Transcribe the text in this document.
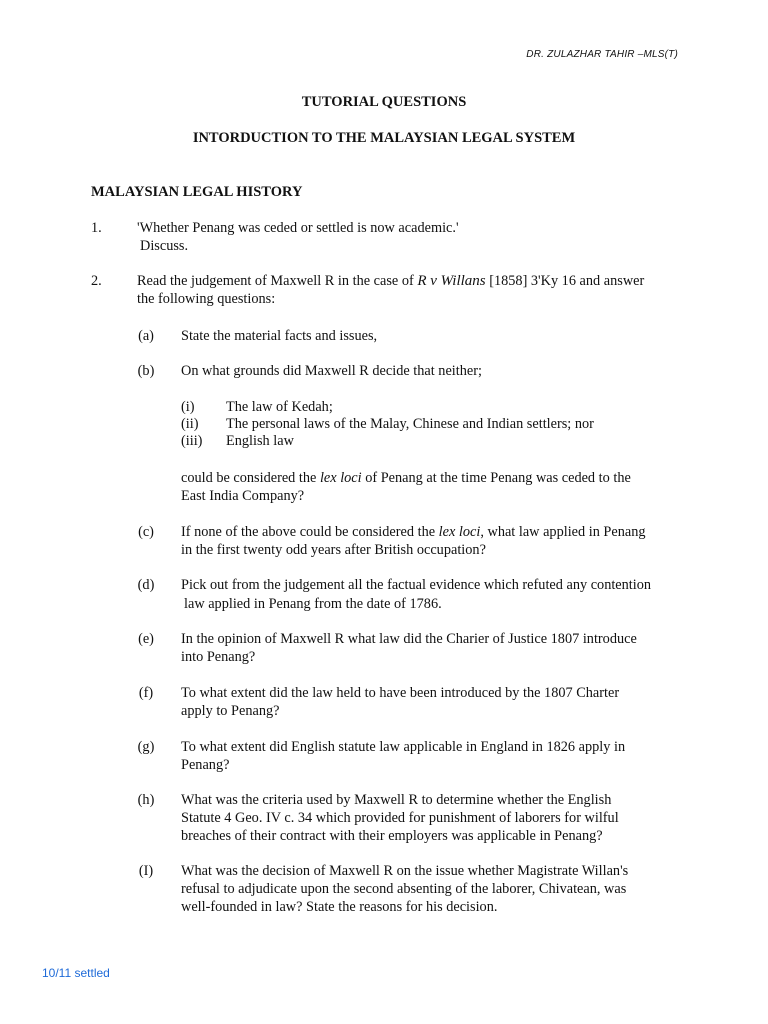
DR. ZULAZHAR TAHIR –MLS(T)
TUTORIAL QUESTIONS
INTORDUCTION TO THE MALAYSIAN LEGAL SYSTEM
MALAYSIAN LEGAL HISTORY
1. 'Whether Penang was ceded or settled is now academic.'
Discuss.
2. Read the judgement of Maxwell R in the case of R v Willans [1858] 3'Ky 16 and answer
the following questions:
(a)	State the material facts and issues,
(b)	On what grounds did Maxwell R decide that neither;
(i) The law of Kedah;
(ii) The personal laws of the Malay, Chinese and Indian settlers; nor
(iii) English law
could be considered the lex loci of Penang at the time Penang was ceded to the
East India Company?
(c)	If none of the above could be considered the lex loci, what law applied in Penang
in the first twenty odd years after British occupation?
(d)	Pick out from the judgement all the factual evidence which refuted any contention
law applied in Penang from the date of 1786.
(e)	In the opinion of Maxwell R what law did the Charier of Justice 1807 introduce
into Penang?
(f)	To what extent did the law held to have been introduced by the 1807 Charter
apply to Penang?
(g)	To what extent did English statute law applicable in England in 1826 apply in
Penang?
(h)	What was the criteria used by Maxwell R to determine whether the English
Statute 4 Geo. IV c. 34 which provided for punishment of laborers for wilful
breaches of their contract with their employers was applicable in Penang?
(I)	What was the decision of Maxwell R on the issue whether Magistrate Willan's
refusal to adjudicate upon the second absenting of the laborer, Chivatean, was
well-founded in law? State the reasons for his decision.
10/11 settled
